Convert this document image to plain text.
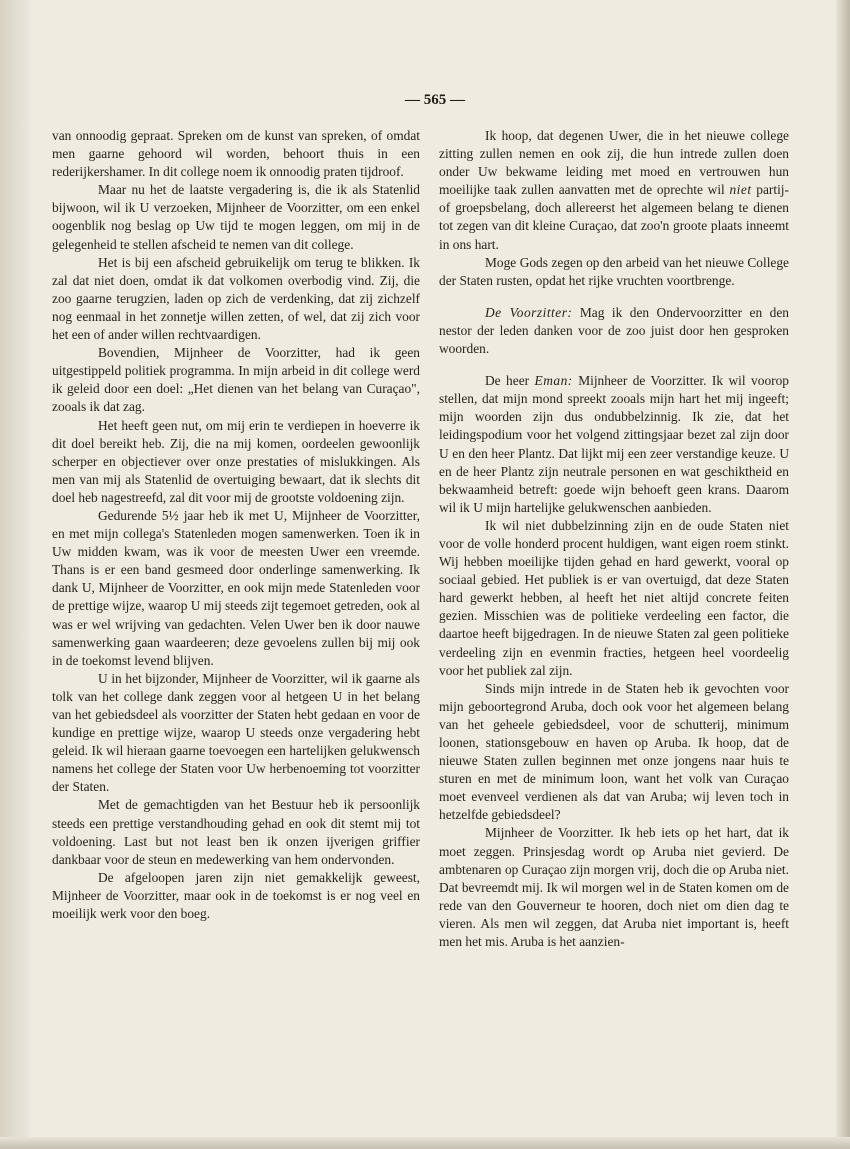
— 565 —

van onnoodig gepraat. Spreken om de kunst van spreken, of omdat men gaarne gehoord wil worden, behoort thuis in een rederijkershamer. In dit college noem ik onnoodig praten tijdroof.

Maar nu het de laatste vergadering is, die ik als Statenlid bijwoon, wil ik U verzoeken, Mijnheer de Voorzitter, om een enkel oogenblik nog beslag op Uw tijd te mogen leggen, om mij in de gelegenheid te stellen afscheid te nemen van dit college.

Het is bij een afscheid gebruikelijk om terug te blikken. Ik zal dat niet doen, omdat ik dat volkomen overbodig vind. Zij, die zoo gaarne terugzien, laden op zich de verdenking, dat zij zichzelf nog eenmaal in het zonnetje willen zetten, of wel, dat zij zich voor het een of ander willen rechtvaardigen.

Bovendien, Mijnheer de Voorzitter, had ik geen uitgestippeld politiek programma. In mijn arbeid in dit college werd ik geleid door een doel: „Het dienen van het belang van Curaçao", zooals ik dat zag.

Het heeft geen nut, om mij erin te verdiepen in hoeverre ik dit doel bereikt heb. Zij, die na mij komen, oordeelen gewoonlijk scherper en objectiever over onze prestaties of mislukkingen. Als men van mij als Statenlid de overtuiging bewaart, dat ik slechts dit doel heb nagestreefd, zal dit voor mij de grootste voldoening zijn.

Gedurende 5½ jaar heb ik met U, Mijnheer de Voorzitter, en met mijn collega's Statenleden mogen samenwerken. Toen ik in Uw midden kwam, was ik voor de meesten Uwer een vreemde. Thans is er een band gesmeed door onderlinge samenwerking. Ik dank U, Mijnheer de Voorzitter, en ook mijn mede Statenleden voor de prettige wijze, waarop U mij steeds zijt tegemoet getreden, ook al was er wel wrijving van gedachten. Velen Uwer ben ik door nauwe samenwerking gaan waardeeren; deze gevoelens zullen bij mij ook in de toekomst levend blijven.

U in het bijzonder, Mijnheer de Voorzitter, wil ik gaarne als tolk van het college dank zeggen voor al hetgeen U in het belang van het gebiedsdeel als voorzitter der Staten hebt gedaan en voor de kundige en prettige wijze, waarop U steeds onze vergadering hebt geleid. Ik wil hieraan gaarne toevoegen een hartelijken gelukwensch namens het college der Staten voor Uw herbenoeming tot voorzitter der Staten.

Met de gemachtigden van het Bestuur heb ik persoonlijk steeds een prettige verstandhouding gehad en ook dit stemt mij tot voldoening. Last but not least ben ik onzen ijverigen griffier dankbaar voor de steun en medewerking van hem ondervonden.

De afgeloopen jaren zijn niet gemakkelijk geweest, Mijnheer de Voorzitter, maar ook in de toekomst is er nog veel en moeilijk werk voor den boeg.

Ik hoop, dat degenen Uwer, die in het nieuwe college zitting zullen nemen en ook zij, die hun intrede zullen doen onder Uw bekwame leiding met moed en vertrouwen hun moeilijke taak zullen aanvatten met de oprechte wil niet partij- of groepsbelang, doch allereerst het algemeen belang te dienen tot zegen van dit kleine Curaçao, dat zoo'n groote plaats inneemt in ons hart.

Moge Gods zegen op den arbeid van het nieuwe College der Staten rusten, opdat het rijke vruchten voortbrenge.

De Voorzitter: Mag ik den Ondervoorzitter en den nestor der leden danken voor de zoo juist door hen gesproken woorden.

De heer Eman: Mijnheer de Voorzitter. Ik wil voorop stellen, dat mijn mond spreekt zooals mijn hart het mij ingeeft; mijn woorden zijn dus ondubbelzinnig. Ik zie, dat het leidingspodium voor het volgend zittingsjaar bezet zal zijn door U en den heer Plantz. Dat lijkt mij een zeer verstandige keuze. U en de heer Plantz zijn neutrale personen en wat geschiktheid en bekwaamheid betreft: goede wijn behoeft geen krans. Daarom wil ik U mijn hartelijke gelukwenschen aanbieden.

Ik wil niet dubbelzinning zijn en de oude Staten niet voor de volle honderd procent huldigen, want eigen roem stinkt. Wij hebben moeilijke tijden gehad en hard gewerkt, vooral op sociaal gebied. Het publiek is er van overtuigd, dat deze Staten hard gewerkt hebben, al heeft het niet altijd concrete feiten gezien. Misschien was de politieke verdeeling een factor, die daartoe heeft bijgedragen. In de nieuwe Staten zal geen politieke verdeeling zijn en evenmin fracties, hetgeen heel voordeelig voor het publiek zal zijn.

Sinds mijn intrede in de Staten heb ik gevochten voor mijn geboortegrond Aruba, doch ook voor het algemeen belang van het geheele gebiedsdeel, voor de schutterij, minimum loonen, stationsgebouw en haven op Aruba. Ik hoop, dat de nieuwe Staten zullen beginnen met onze jongens naar huis te sturen en met de minimum loon, want het volk van Curaçao moet evenveel verdienen als dat van Aruba; wij leven toch in hetzelfde gebiedsdeel?

Mijnheer de Voorzitter. Ik heb iets op het hart, dat ik moet zeggen. Prinsjesdag wordt op Aruba niet gevierd. De ambtenaren op Curaçao zijn morgen vrij, doch die op Aruba niet. Dat bevreemdt mij. Ik wil morgen wel in de Staten komen om de rede van den Gouverneur te hooren, doch niet om dien dag te vieren. Als men wil zeggen, dat Aruba niet important is, heeft men het mis. Aruba is het aanzien-
